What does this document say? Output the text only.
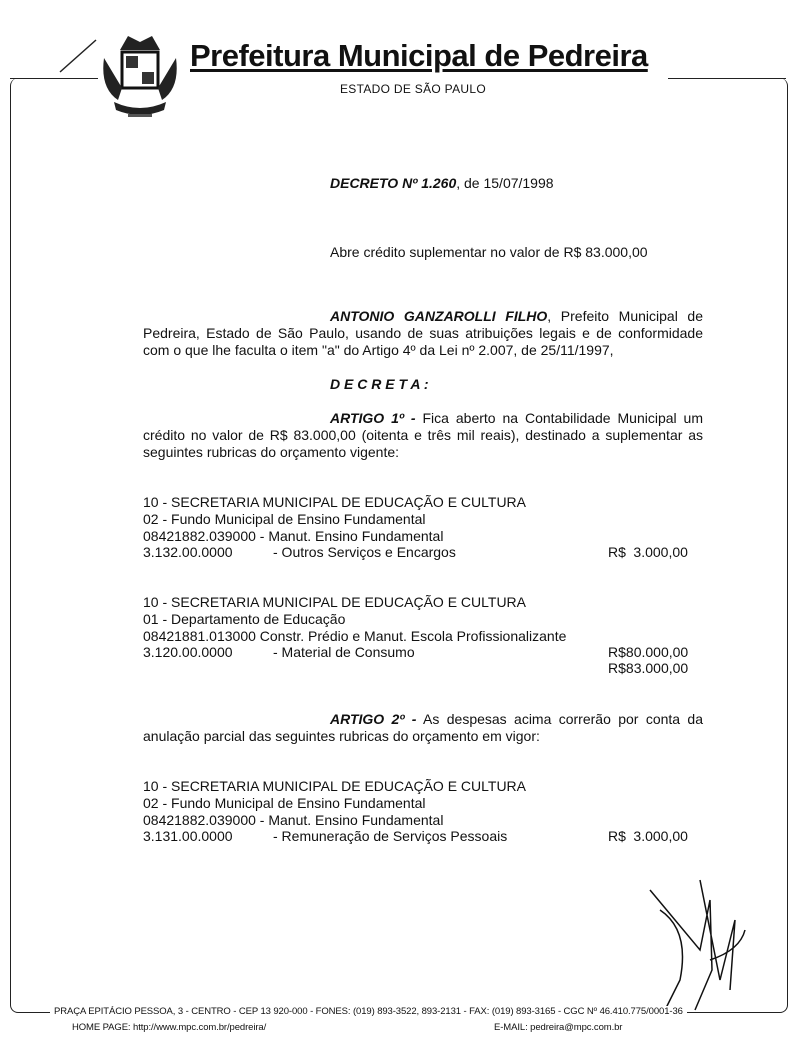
Prefeitura Municipal de Pedreira
ESTADO DE SÃO PAULO
DECRETO Nº 1.260, de 15/07/1998
Abre crédito suplementar no valor de R$ 83.000,00
ANTONIO GANZAROLLI FILHO, Prefeito Municipal de Pedreira, Estado de São Paulo, usando de suas atribuições legais e de conformidade com o que lhe faculta o item "a" do Artigo 4º da Lei nº 2.007, de 25/11/1997,
D E C R E T A :
ARTIGO 1º - Fica aberto na Contabilidade Municipal um crédito no valor de R$ 83.000,00 (oitenta e três mil reais), destinado a suplementar as seguintes rubricas do orçamento vigente:
10 - SECRETARIA MUNICIPAL DE EDUCAÇÃO E CULTURA
02 - Fundo Municipal de Ensino Fundamental
08421882.039000 - Manut. Ensino Fundamental
3.132.00.0000	- Outros Serviços e Encargos	R$ 3.000,00
10 - SECRETARIA MUNICIPAL DE EDUCAÇÃO E CULTURA
01 - Departamento de Educação
08421881.013000 Constr. Prédio e Manut. Escola Profissionalizante
3.120.00.0000	- Material de Consumo	R$80.000,00
R$83.000,00
ARTIGO 2º - As despesas acima correrão por conta da anulação parcial das seguintes rubricas do orçamento em vigor:
10 - SECRETARIA MUNICIPAL DE EDUCAÇÃO E CULTURA
02 - Fundo Municipal de Ensino Fundamental
08421882.039000 - Manut. Ensino Fundamental
3.131.00.0000	- Remuneração de Serviços Pessoais	R$ 3.000,00
PRAÇA EPITÁCIO PESSOA, 3 - CENTRO - CEP 13 920-000 - FONES: (019) 893-3522, 893-2131 - FAX: (019) 893-3165 - CGC Nº 46.410.775/0001-36
HOME PAGE: http://www.mpc.com.br/pedreira/	E-MAIL: pedreira@mpc.com.br
